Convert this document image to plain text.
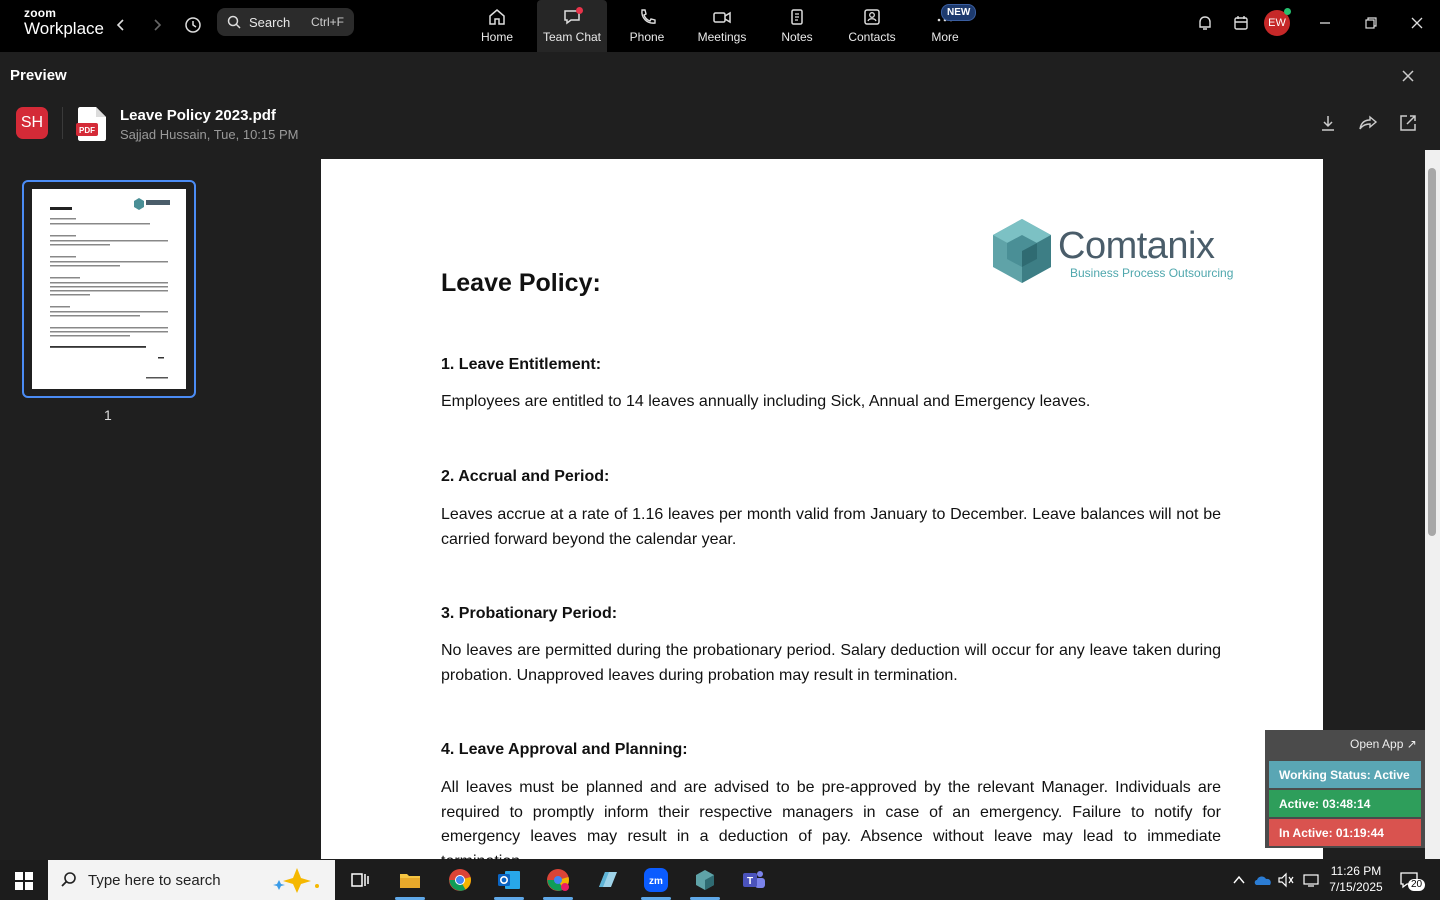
zoom
Workplace	Search	Ctrl+F
Home Team Chat Phone	Meetings	Notes	Contacts	More
NEW
EW
Preview
SH	PDF
Leave Policy 2023.pdf
Sajjad Hussain, Tue, 10:15 PM
1
Comtanix
Business Process Outsourcing
Leave Policy:
1. Leave Entitlement:
Employees are entitled to 14 leaves annually including Sick, Annual and Emergency leaves.
2. Accrual and Period:
Leaves accrue at a rate of 1.16 leaves per month valid from January to December. Leave balances will not be carried forward beyond the calendar year.
3. Probationary Period:
No leaves are permitted during the probationary period. Salary deduction will occur for any leave taken during probation. Unapproved leaves during probation may result in termination.
4. Leave Approval and Planning:
All leaves must be planned and are advised to be pre-approved by the relevant Manager. Individuals are required to promptly inform their respective managers in case of an emergency. Failure to notify for emergency leaves may result in a deduction of pay. Absence without leave may lead to immediate
Open App ↗
Working Status: Active
Active: 03:48:14
In Active: 01:19:44
Type here to search	zm	T
11:26 PM
7/15/2025	20
